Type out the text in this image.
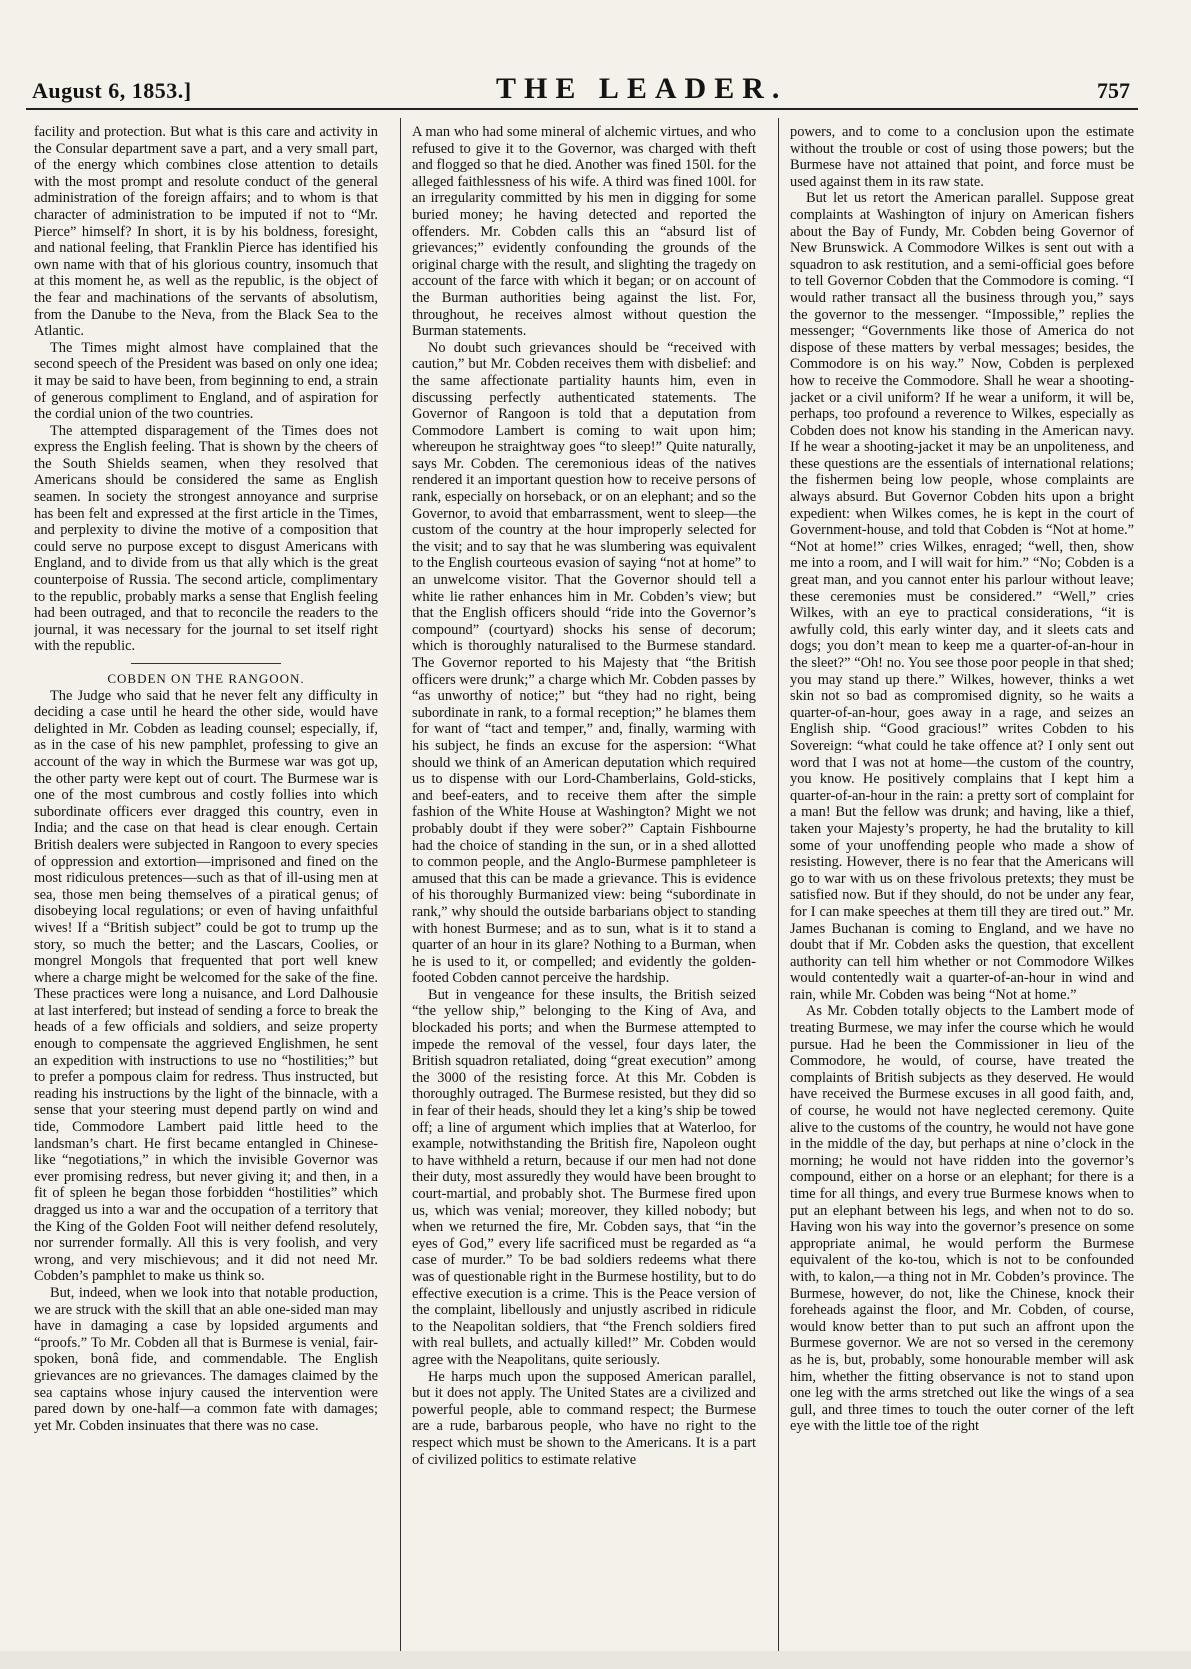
August 6, 1853.]	THE LEADER.	757

facility and protection. But what is this care and activity in the Consular department save a part, and a very small part, of the energy which combines close attention to details with the most prompt and resolute conduct of the general administration of the foreign affairs; and to whom is that character of administration to be imputed if not to “Mr. Pierce” himself? In short, it is by his boldness, foresight, and national feeling, that Franklin Pierce has identified his own name with that of his glorious country, insomuch that at this moment he, as well as the republic, is the object of the fear and machinations of the servants of absolutism, from the Danube to the Neva, from the Black Sea to the Atlantic.

The Times might almost have complained that the second speech of the President was based on only one idea; it may be said to have been, from beginning to end, a strain of generous compliment to England, and of aspiration for the cordial union of the two countries.

The attempted disparagement of the Times does not express the English feeling. That is shown by the cheers of the South Shields seamen, when they resolved that Americans should be considered the same as English seamen. In society the strongest annoyance and surprise has been felt and expressed at the first article in the Times, and perplexity to divine the motive of a composition that could serve no purpose except to disgust Americans with England, and to divide from us that ally which is the great counterpoise of Russia. The second article, complimentary to the republic, probably marks a sense that English feeling had been outraged, and that to reconcile the readers to the journal, it was necessary for the journal to set itself right with the republic.

COBDEN ON THE RANGOON.

The Judge who said that he never felt any difficulty in deciding a case until he heard the other side, would have delighted in Mr. Cobden as leading counsel; especially, if, as in the case of his new pamphlet, professing to give an account of the way in which the Burmese war was got up, the other party were kept out of court. The Burmese war is one of the most cumbrous and costly follies into which subordinate officers ever dragged this country, even in India; and the case on that head is clear enough. Certain British dealers were subjected in Rangoon to every species of oppression and extortion—imprisoned and fined on the most ridiculous pretences—such as that of ill-using men at sea, those men being themselves of a piratical genus; of disobeying local regulations; or even of having unfaithful wives! If a “British subject” could be got to trump up the story, so much the better; and the Lascars, Coolies, or mongrel Mongols that frequented that port well knew where a charge might be welcomed for the sake of the fine. These practices were long a nuisance, and Lord Dalhousie at last interfered; but instead of sending a force to break the heads of a few officials and soldiers, and seize property enough to compensate the aggrieved Englishmen, he sent an expedition with instructions to use no “hostilities;” but to prefer a pompous claim for redress. Thus instructed, but reading his instructions by the light of the binnacle, with a sense that your steering must depend partly on wind and tide, Commodore Lambert paid little heed to the landsman’s chart. He first became entangled in Chinese-like “negotiations,” in which the invisible Governor was ever promising redress, but never giving it; and then, in a fit of spleen he began those forbidden “hostilities” which dragged us into a war and the occupation of a territory that the King of the Golden Foot will neither defend resolutely, nor surrender formally. All this is very foolish, and very wrong, and very mischievous; and it did not need Mr. Cobden’s pamphlet to make us think so.

But, indeed, when we look into that notable production, we are struck with the skill that an able one-sided man may have in damaging a case by lopsided arguments and “proofs.” To Mr. Cobden all that is Burmese is venial, fair-spoken, bonâ fide, and commendable. The English grievances are no grievances. The damages claimed by the sea captains whose injury caused the intervention were pared down by one-half—a common fate with damages; yet Mr. Cobden insinuates that there was no case.

A man who had some mineral of alchemic virtues, and who refused to give it to the Governor, was charged with theft and flogged so that he died. Another was fined 150l. for the alleged faithlessness of his wife. A third was fined 100l. for an irregularity committed by his men in digging for some buried money; he having detected and reported the offenders. Mr. Cobden calls this an “absurd list of grievances;” evidently confounding the grounds of the original charge with the result, and slighting the tragedy on account of the farce with which it began; or on account of the Burman authorities being against the list. For, throughout, he receives almost without question the Burman statements.

No doubt such grievances should be “received with caution,” but Mr. Cobden receives them with disbelief: and the same affectionate partiality haunts him, even in discussing perfectly authenticated statements. The Governor of Rangoon is told that a deputation from Commodore Lambert is coming to wait upon him; whereupon he straightway goes “to sleep!” Quite naturally, says Mr. Cobden. The ceremonious ideas of the natives rendered it an important question how to receive persons of rank, especially on horseback, or on an elephant; and so the Governor, to avoid that embarrassment, went to sleep—the custom of the country at the hour improperly selected for the visit; and to say that he was slumbering was equivalent to the English courteous evasion of saying “not at home” to an unwelcome visitor. That the Governor should tell a white lie rather enhances him in Mr. Cobden’s view; but that the English officers should “ride into the Governor’s compound” (courtyard) shocks his sense of decorum; which is thoroughly naturalised to the Burmese standard. The Governor reported to his Majesty that “the British officers were drunk;” a charge which Mr. Cobden passes by “as unworthy of notice;” but “they had no right, being subordinate in rank, to a formal reception;” he blames them for want of “tact and temper,” and, finally, warming with his subject, he finds an excuse for the aspersion: “What should we think of an American deputation which required us to dispense with our Lord-Chamberlains, Gold-sticks, and beef-eaters, and to receive them after the simple fashion of the White House at Washington? Might we not probably doubt if they were sober?” Captain Fishbourne had the choice of standing in the sun, or in a shed allotted to common people, and the Anglo-Burmese pamphleteer is amused that this can be made a grievance. This is evidence of his thoroughly Burmanized view: being “subordinate in rank,” why should the outside barbarians object to standing with honest Burmese; and as to sun, what is it to stand a quarter of an hour in its glare? Nothing to a Burman, when he is used to it, or compelled; and evidently the golden-footed Cobden cannot perceive the hardship.

But in vengeance for these insults, the British seized “the yellow ship,” belonging to the King of Ava, and blockaded his ports; and when the Burmese attempted to impede the removal of the vessel, four days later, the British squadron retaliated, doing “great execution” among the 3000 of the resisting force. At this Mr. Cobden is thoroughly outraged. The Burmese resisted, but they did so in fear of their heads, should they let a king’s ship be towed off; a line of argument which implies that at Waterloo, for example, notwithstanding the British fire, Napoleon ought to have withheld a return, because if our men had not done their duty, most assuredly they would have been brought to court-martial, and probably shot. The Burmese fired upon us, which was venial; moreover, they killed nobody; but when we returned the fire, Mr. Cobden says, that “in the eyes of God,” every life sacrificed must be regarded as “a case of murder.” To be bad soldiers redeems what there was of questionable right in the Burmese hostility, but to do effective execution is a crime. This is the Peace version of the complaint, libellously and unjustly ascribed in ridicule to the Neapolitan soldiers, that “the French soldiers fired with real bullets, and actually killed!” Mr. Cobden would agree with the Neapolitans, quite seriously.

He harps much upon the supposed American parallel, but it does not apply. The United States are a civilized and powerful people, able to command respect; the Burmese are a rude, barbarous people, who have no right to the respect which must be shown to the Americans. It is a part of civilized politics to estimate relative

powers, and to come to a conclusion upon the estimate without the trouble or cost of using those powers; but the Burmese have not attained that point, and force must be used against them in its raw state.

But let us retort the American parallel. Suppose great complaints at Washington of injury on American fishers about the Bay of Fundy, Mr. Cobden being Governor of New Brunswick. A Commodore Wilkes is sent out with a squadron to ask restitution, and a semi-official goes before to tell Governor Cobden that the Commodore is coming. “I would rather transact all the business through you,” says the governor to the messenger. “Impossible,” replies the messenger; “Governments like those of America do not dispose of these matters by verbal messages; besides, the Commodore is on his way.” Now, Cobden is perplexed how to receive the Commodore. Shall he wear a shooting-jacket or a civil uniform? If he wear a uniform, it will be, perhaps, too profound a reverence to Wilkes, especially as Cobden does not know his standing in the American navy. If he wear a shooting-jacket it may be an unpoliteness, and these questions are the essentials of international relations; the fishermen being low people, whose complaints are always absurd. But Governor Cobden hits upon a bright expedient: when Wilkes comes, he is kept in the court of Government-house, and told that Cobden is “Not at home.” “Not at home!” cries Wilkes, enraged; “well, then, show me into a room, and I will wait for him.” “No; Cobden is a great man, and you cannot enter his parlour without leave; these ceremonies must be considered.” “Well,” cries Wilkes, with an eye to practical considerations, “it is awfully cold, this early winter day, and it sleets cats and dogs; you don’t mean to keep me a quarter-of-an-hour in the sleet?” “Oh! no. You see those poor people in that shed; you may stand up there.” Wilkes, however, thinks a wet skin not so bad as compromised dignity, so he waits a quarter-of-an-hour, goes away in a rage, and seizes an English ship. “Good gracious!” writes Cobden to his Sovereign: “what could he take offence at? I only sent out word that I was not at home—the custom of the country, you know. He positively complains that I kept him a quarter-of-an-hour in the rain: a pretty sort of complaint for a man! But the fellow was drunk; and having, like a thief, taken your Majesty’s property, he had the brutality to kill some of your unoffending people who made a show of resisting. However, there is no fear that the Americans will go to war with us on these frivolous pretexts; they must be satisfied now. But if they should, do not be under any fear, for I can make speeches at them till they are tired out.” Mr. James Buchanan is coming to England, and we have no doubt that if Mr. Cobden asks the question, that excellent authority can tell him whether or not Commodore Wilkes would contentedly wait a quarter-of-an-hour in wind and rain, while Mr. Cobden was being “Not at home.”

As Mr. Cobden totally objects to the Lambert mode of treating Burmese, we may infer the course which he would pursue. Had he been the Commissioner in lieu of the Commodore, he would, of course, have treated the complaints of British subjects as they deserved. He would have received the Burmese excuses in all good faith, and, of course, he would not have neglected ceremony. Quite alive to the customs of the country, he would not have gone in the middle of the day, but perhaps at nine o’clock in the morning; he would not have ridden into the governor’s compound, either on a horse or an elephant; for there is a time for all things, and every true Burmese knows when to put an elephant between his legs, and when not to do so. Having won his way into the governor’s presence on some appropriate animal, he would perform the Burmese equivalent of the ko-tou, which is not to be confounded with, to kalon,—a thing not in Mr. Cobden’s province. The Burmese, however, do not, like the Chinese, knock their foreheads against the floor, and Mr. Cobden, of course, would know better than to put such an affront upon the Burmese governor. We are not so versed in the ceremony as he is, but, probably, some honourable member will ask him, whether the fitting observance is not to stand upon one leg with the arms stretched out like the wings of a sea gull, and three times to touch the outer corner of the left eye with the little toe of the right
